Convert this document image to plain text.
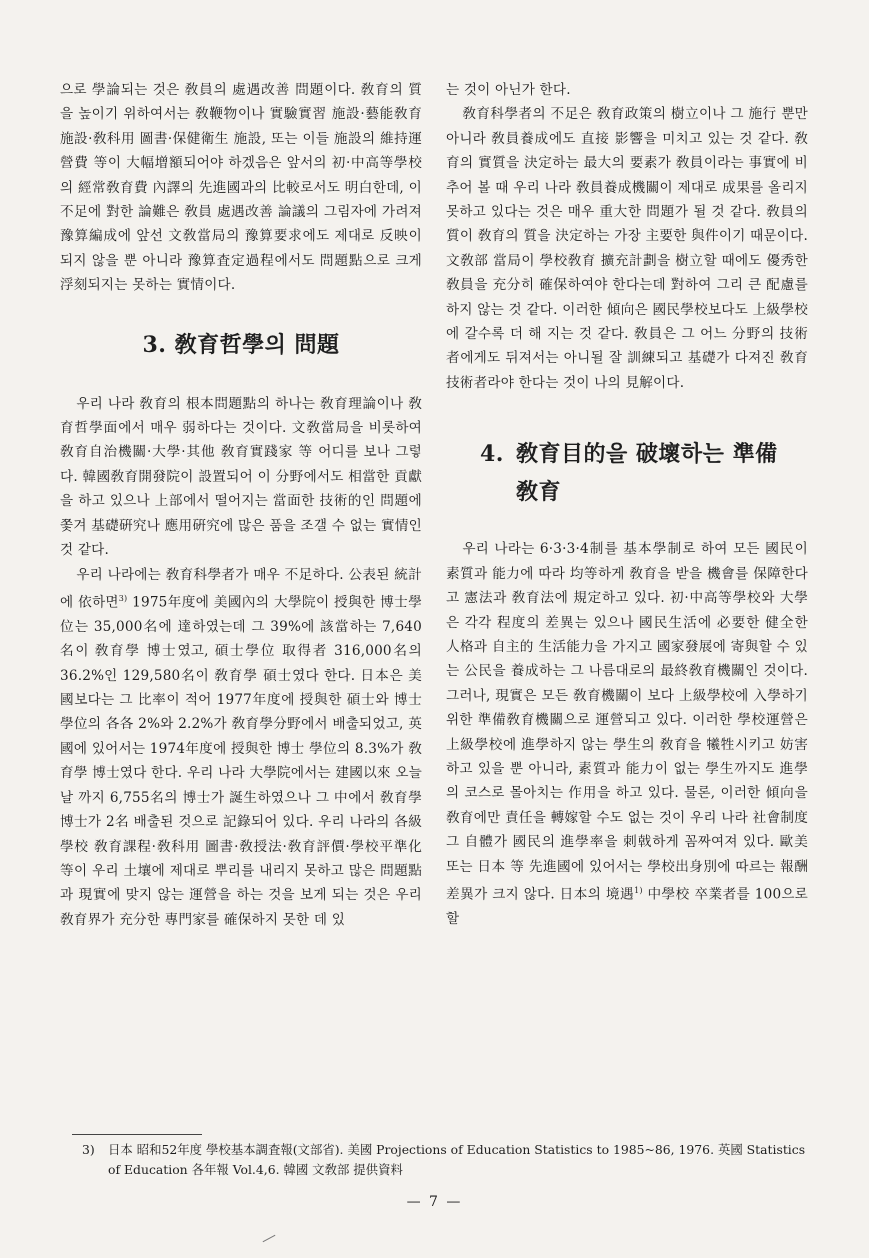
으로 學論되는 것은 敎員의 處遇改善 問題이다. 敎育의 質을 높이기 위하여서는 敎鞭物이나 實驗實習 施設·藝能敎育 施設·敎科用 圖書·保健衛生 施設, 또는 이들 施設의 維持運營費 等이 大幅增額되어야 하겠음은 앞서의 初·中高等學校의 經常敎育費 內譯의 先進國과의 比較로서도 明白한데, 이 不足에 對한 論難은 敎員 處遇改善 論議의 그림자에 가려져 豫算編成에 앞선 文敎當局의 豫算要求에도 제대로 反映이 되지 않을 뿐 아니라 豫算査定過程에서도 問題點으로 크게 浮刻되지는 못하는 實情이다.

3. 敎育哲學의 問題

우리 나라 敎育의 根本問題點의 하나는 敎育理論이나 敎育哲學面에서 매우 弱하다는 것이다. 文敎當局을 비롯하여 敎育自治機關·大學·其他 敎育實踐家 等 어디를 보나 그렇다. 韓國敎育開發院이 設置되어 이 分野에서도 相當한 貢獻을 하고 있으나 上部에서 떨어지는 當面한 技術的인 問題에 쫓겨 基礎硏究나 應用硏究에 많은 품을 조갤 수 없는 實情인 것 같다.

우리 나라에는 敎育科學者가 매우 不足하다. 公表된 統計에 依하면$^{3)}$ 1975年度에 美國內의 大學院이 授與한 博士學位는 35,000名에 達하였는데 그 39%에 該當하는 7,640名이 敎育學 博士였고, 碩士學位 取得者 316,000名의 36.2%인 129,580名이 敎育學 碩士였다 한다. 日本은 美國보다는 그 比率이 적어 1977年度에 授與한 碩士와 博士 學位의 各各 2%와 2.2%가 敎育學分野에서 배출되었고, 英國에 있어서는 1974年度에 授與한 博士 學位의 8.3%가 敎育學 博士였다 한다. 우리 나라 大學院에서는 建國以來 오늘날 까지 6,755名의 博士가 誕生하였으나 그 中에서 敎育學 博士가 2名 배출된 것으로 記錄되어 있다. 우리 나라의 各級學校 敎育課程·敎科用 圖書·敎授法·敎育評價·學校平準化 等이 우리 土壤에 제대로 뿌리를 내리지 못하고 많은 問題點과 現實에 맞지 않는 運營을 하는 것을 보게 되는 것은 우리 敎育界가 充分한 專門家를 確保하지 못한 데 있

는 것이 아닌가 한다.

敎育科學者의 不足은 敎育政策의 樹立이나 그 施行 뿐만 아니라 敎員養成에도 直接 影響을 미치고 있는 것 같다. 敎育의 實質을 決定하는 最大의 要素가 敎員이라는 事實에 비추어 볼 때 우리 나라 敎員養成機關이 제대로 成果를 올리지 못하고 있다는 것은 매우 重大한 問題가 될 것 같다. 敎員의 質이 敎育의 質을 決定하는 가장 主要한 與件이기 때문이다. 文敎部 當局이 學校敎育 擴充計劃을 樹立할 때에도 優秀한 敎員을 充分히 確保하여야 한다는데 對하여 그리 큰 配慮를 하지 않는 것 같다. 이러한 傾向은 國民學校보다도 上級學校에 갈수록 더 해 지는 것 같다. 敎員은 그 어느 分野의 技術者에게도 뒤져서는 아니될 잘 訓練되고 基礎가 다져진 敎育技術者라야 한다는 것이 나의 見解이다.

4. 敎育目的을 破壞하는 準備
敎育

우리 나라는 6·3·3·4制를 基本學制로 하여 모든 國民이 素質과 能力에 따라 均等하게 敎育을 받을 機會를 保障한다고 憲法과 敎育法에 規定하고 있다. 初·中高等學校와 大學은 각각 程度의 差異는 있으나 國民生活에 必要한 健全한 人格과 自主的 生活能力을 가지고 國家發展에 寄與할 수 있는 公民을 養成하는 그 나름대로의 最終敎育機關인 것이다. 그러나, 現實은 모든 敎育機關이 보다 上級學校에 入學하기 위한 準備敎育機關으로 運營되고 있다. 이러한 學校運營은 上級學校에 進學하지 않는 學生의 敎育을 犧牲시키고 妨害하고 있을 뿐 아니라, 素質과 能力이 없는 學生까지도 進學의 코스로 몰아치는 作用을 하고 있다. 물론, 이러한 傾向을 敎育에만 責任을 轉嫁할 수도 없는 것이 우리 나라 社會制度 그 自體가 國民의 進學率을 刺戟하게 꼼짜여져 있다. 歐美 또는 日本 等 先進國에 있어서는 學校出身別에 따르는 報酬差異가 크지 않다. 日本의 境遇$^{1)}$ 中學校 卒業者를 100으로 할

3)	日本 昭和52年度 學校基本調査報(文部省). 美國 Projections of Education Statistics to 1985~86, 1976. 英國 Statistics of Education 各年報 Vol.4,6. 韓國 文敎部 提供資料
— 7 —
